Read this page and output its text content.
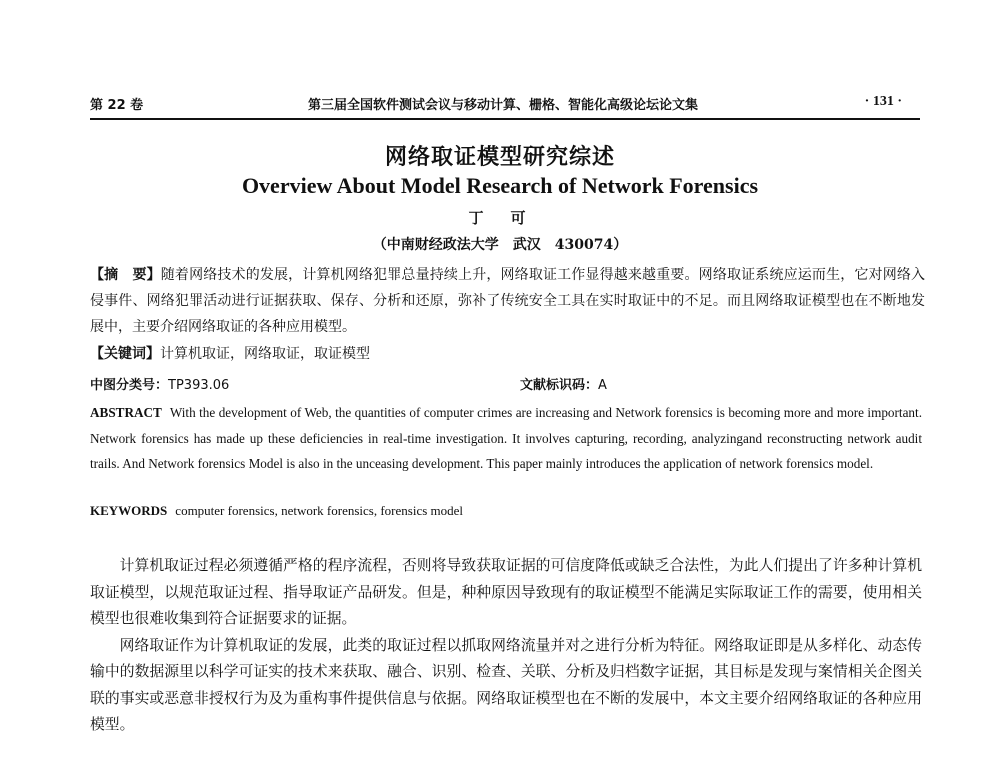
第 22 卷	第三届全国软件测试会议与移动计算、栅格、智能化高级论坛论文集	· 131 ·
网络取证模型研究综述
Overview About Model Research of Network Forensics
丁　可
（中南财经政法大学　武汉　430074）
【摘　要】随着网络技术的发展，计算机网络犯罪总量持续上升，网络取证工作显得越来越重要。网络取证系统应运而生，它对网络入侵事件、网络犯罪活动进行证据获取、保存、分析和还原，弥补了传统安全工具在实时取证中的不足。而且网络取证模型也在不断地发展中，主要介绍网络取证的各种应用模型。
【关键词】计算机取证，网络取证，取证模型
中图分类号：TP393.06	文献标识码：A
ABSTRACT With the development of Web, the quantities of computer crimes are increasing and Network forensics is becoming more and more important. Network forensics has made up these deficiencies in real-time investigation. It involves capturing, recording, analyzingand reconstructing network audit trails. And Network forensics Model is also in the unceasing development. This paper mainly introduces the application of network forensics model.
KEYWORDS computer forensics, network forensics, forensics model

计算机取证过程必须遵循严格的程序流程，否则将导致获取证据的可信度降低或缺乏合法性，为此人们提出了许多种计算机取证模型，以规范取证过程、指导取证产品研发。但是，种种原因导致现有的取证模型不能满足实际取证工作的需要，使用相关模型也很难收集到符合证据要求的证据。

网络取证作为计算机取证的发展，此类的取证过程以抓取网络流量并对之进行分析为特征。网络取证即是从多样化、动态传输中的数据源里以科学可证实的技术来获取、融合、识别、检查、关联、分析及归档数字证据，其目标是发现与案情相关企图关联的事实或恶意非授权行为及为重构事件提供信息与依据。网络取证模型也在不断的发展中，本文主要介绍网络取证的各种应用模型。
